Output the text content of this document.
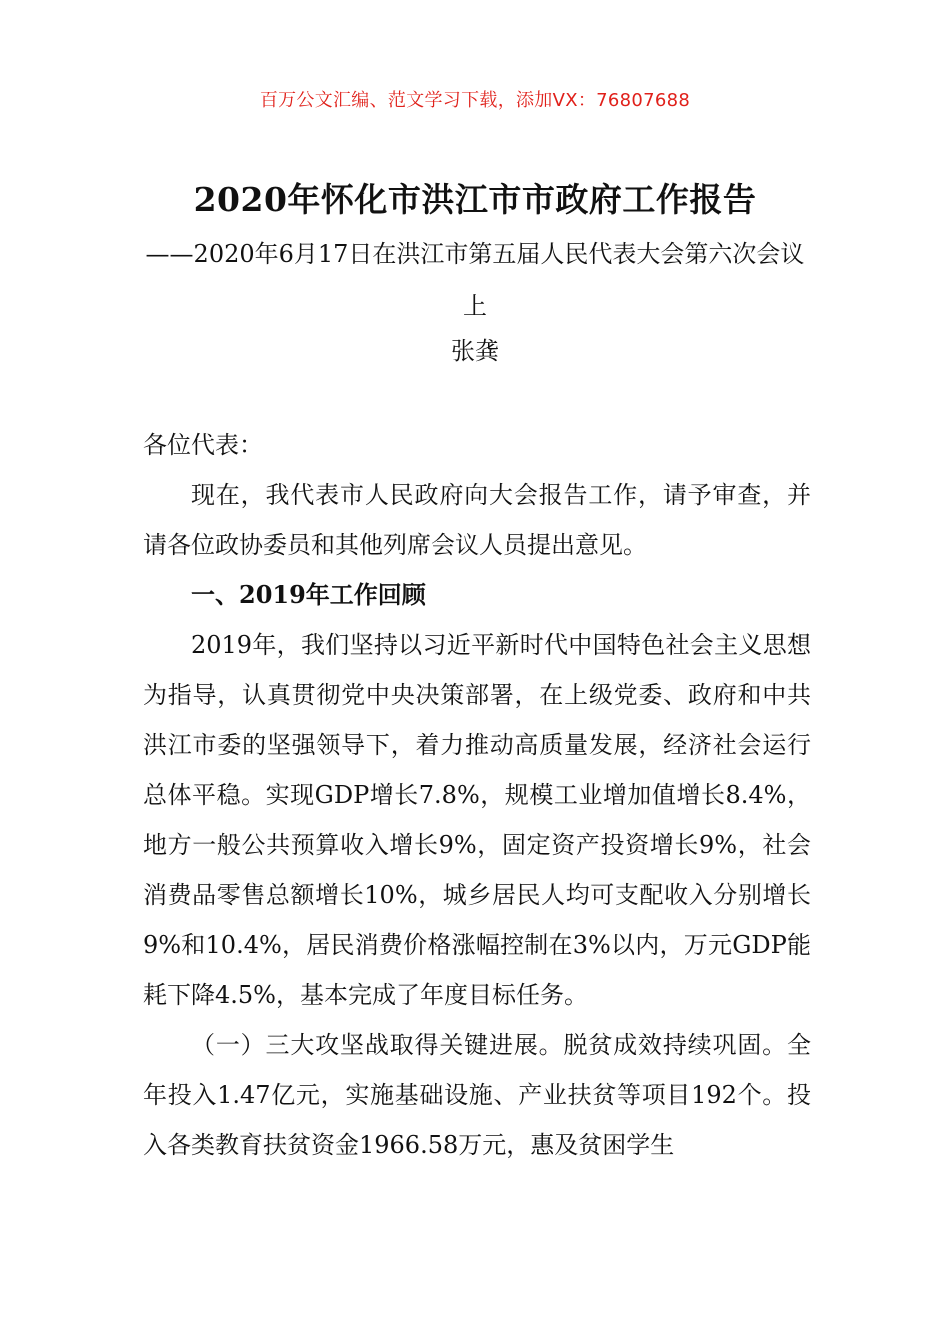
百万公文汇编、范文学习下载，添加VX：76807688
2020年怀化市洪江市市政府工作报告
——2020年6月17日在洪江市第五届人民代表大会第六次会议上
张龚

各位代表：

现在，我代表市人民政府向大会报告工作，请予审查，并请各位政协委员和其他列席会议人员提出意见。

一、2019年工作回顾

2019年，我们坚持以习近平新时代中国特色社会主义思想为指导，认真贯彻党中央决策部署，在上级党委、政府和中共洪江市委的坚强领导下，着力推动高质量发展，经济社会运行总体平稳。实现GDP增长7.8%，规模工业增加值增长8.4%，地方一般公共预算收入增长9%，固定资产投资增长9%，社会消费品零售总额增长10%，城乡居民人均可支配收入分别增长9%和10.4%，居民消费价格涨幅控制在3%以内，万元GDP能耗下降4.5%，基本完成了年度目标任务。

（一）三大攻坚战取得关键进展。脱贫成效持续巩固。全年投入1.47亿元，实施基础设施、产业扶贫等项目192个。投入各类教育扶贫资金1966.58万元，惠及贫困学生
